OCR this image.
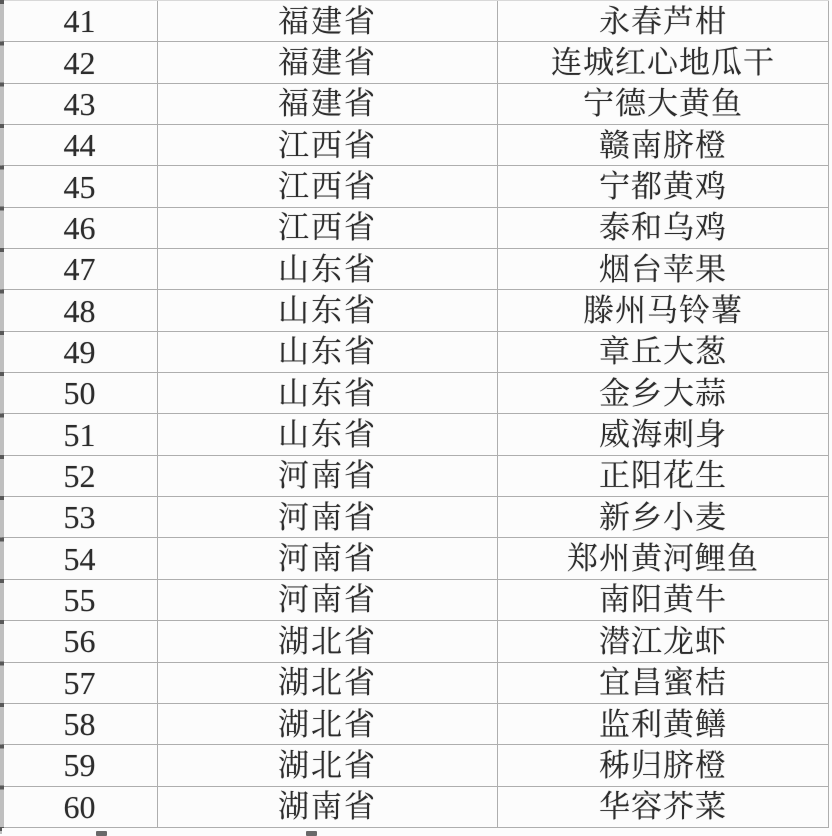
41	福建省	永春芦柑
42	福建省	连城红心地瓜干
43	福建省	宁德大黄鱼
44	江西省	赣南脐橙
45	江西省	宁都黄鸡
46	江西省	泰和乌鸡
47	山东省	烟台苹果
48	山东省	滕州马铃薯
49	山东省	章丘大葱
50	山东省	金乡大蒜
51	山东省	威海刺身
52	河南省	正阳花生
53	河南省	新乡小麦
54	河南省	郑州黄河鲤鱼
55	河南省	南阳黄牛
56	湖北省	潜江龙虾
57	湖北省	宜昌蜜桔
58	湖北省	监利黄鳝
59	湖北省	秭归脐橙
60	湖南省	华容芥菜
